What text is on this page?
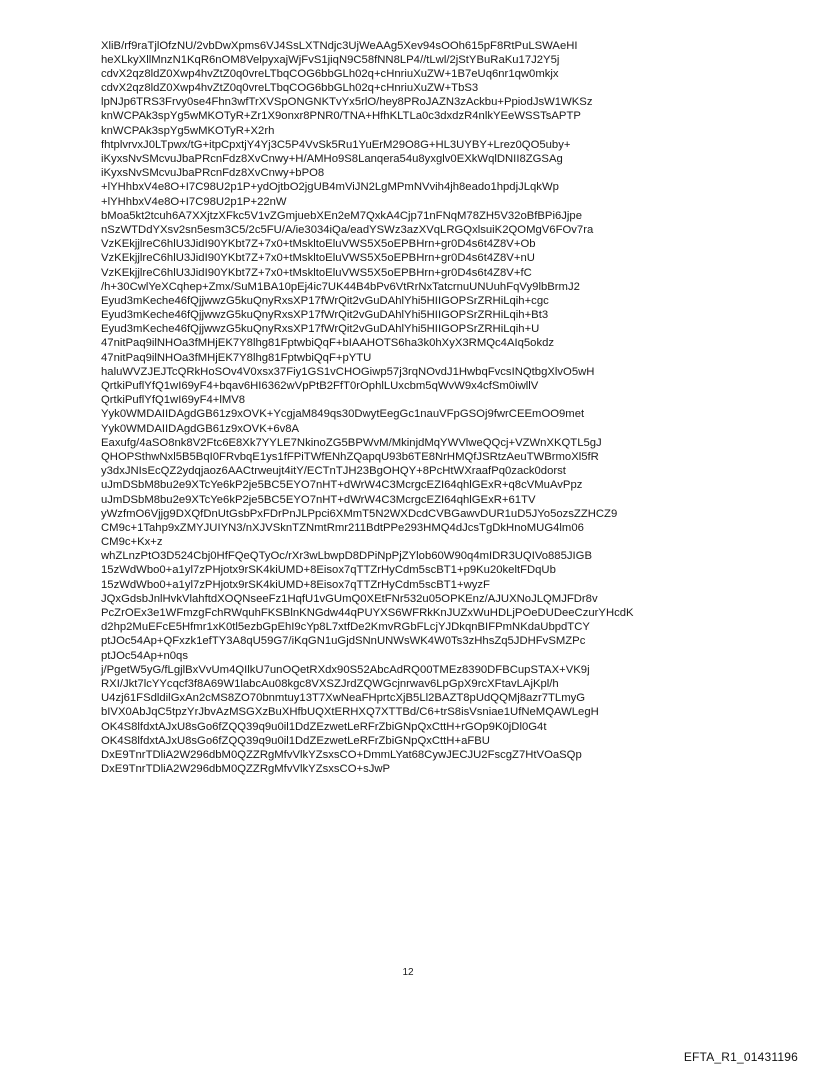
XliB/rf9raTjlOfzNU/2vbDwXpms6VJ4SsLXTNdjc3UjWeAAg5Xev94sOOh615pF8RtPuLSWAeHI
heXLkyXllMnzN1KqR6nOM8VelpyxajWjFvS1jiqN9C58fNN8LP4//tLwl/2jStYBuRaKu17J2Y5j
cdvX2qz8ldZ0Xwp4hvZtZ0q0vreLTbqCOG6bbGLh02q+cHnriuXuZW+1B7eUq6nr1qw0mkjx
cdvX2qz8ldZ0Xwp4hvZtZ0q0vreLTbqCOG6bbGLh02q+cHnriuXuZW+TbS3
lpNJp6TRS3Frvy0se4Fhn3wfTrXVSpONGNKTvYx5rlO/hey8PRoJAZN3zAckbu+PpiodJsW1WKSz
knWCPAk3spYg5wMKOTyR+Zr1X9onxr8PNR0/TNA+HfhKLTLa0c3dxdzR4nlkYEeWSSTsAPTP
knWCPAk3spYg5wMKOTyR+X2rh
fhtplvrvxJ0LTpwx/tG+itpCpxtjY4Yj3C5P4VvSk5Ru1YuErM29O8G+HL3UYBY+Lrez0QO5uby+
iKyxsNvSMcvuJbaPRcnFdz8XvCnwy+H/AMHo9S8Lanqera54u8yxglv0EXkWqlDNII8ZGSAg
iKyxsNvSMcvuJbaPRcnFdz8XvCnwy+bPO8
+lYHhbxV4e8O+I7C98U2p1P+ydOjtbO2jgUB4mViJN2LgMPmNVvih4jh8eado1hpdjJLqkWp
+lYHhbxV4e8O+I7C98U2p1P+22nW
bMoa5kt2tcuh6A7XXjtzXFkc5V1vZGmjuebXEn2eM7QxkA4Cjp71nFNqM78ZH5V32oBfBPi6Jjpe
nSzWTDdYXsv2sn5esm3C5/2c5FU/A/ie3034iQa/eadYSWz3azXVqLRGQxlsuiK2QOMgV6FOv7ra
VzKEkjjlreC6hlU3JidI90YKbt7Z+7x0+tMskltoEluVWS5X5oEPBHrn+gr0D4s6t4Z8V+Ob
VzKEkjjlreC6hlU3JidI90YKbt7Z+7x0+tMskltoEluVWS5X5oEPBHrn+gr0D4s6t4Z8V+nU
VzKEkjjlreC6hlU3JidI90YKbt7Z+7x0+tMskltoEluVWS5X5oEPBHrn+gr0D4s6t4Z8V+fC
/h+30CwlYeXCqhep+Zmx/SuM1BA10pEj4ic7UK44B4bPv6VtRrNxTatcrnuUNUuhFqVy9lbBrmJ2
Eyud3mKeche46fQjjwwzG5kuQnyRxsXP17fWrQit2vGuDAhlYhi5HIIGOPSrZRHiLqih+cgc
Eyud3mKeche46fQjjwwzG5kuQnyRxsXP17fWrQit2vGuDAhlYhi5HIIGOPSrZRHiLqih+Bt3
Eyud3mKeche46fQjjwwzG5kuQnyRxsXP17fWrQit2vGuDAhlYhi5HIIGOPSrZRHiLqih+U
47nitPaq9ilNHOa3fMHjEK7Y8lhg81FptwbiQqF+bIAAHOTS6ha3k0hXyX3RMQc4AIq5okdz
47nitPaq9ilNHOa3fMHjEK7Y8lhg81FptwbiQqF+pYTU
haluWVZJEJTcQRkHoSOv4V0xsx37Fiy1GS1vCHOGiwp57j3rqNOvdJ1HwbqFvcsINQtbgXlvO5wH
QrtkiPuflYfQ1wI69yF4+bqav6HI6362wVpPtB2FfT0rOphlLUxcbm5qWvW9x4cfSm0iwllV
QrtkiPuflYfQ1wI69yF4+lMV8
Yyk0WMDAIIDAgdGB61z9xOVK+YcgjaM849qs30DwytEegGc1nauVFpGSOj9fwrCEEmOO9met
Yyk0WMDAIIDAgdGB61z9xOVK+6v8A
Eaxufg/4aSO8nk8V2Ftc6E8Xk7YYLE7NkinoZG5BPWvM/MkinjdMqYWVlweQQcj+VZWnXKQTL5gJ
QHOPSthwNxl5B5BqI0FRvbqE1ys1fFPiTWfENhZQapqU93b6TE8NrHMQfJSRtzAeuTWBrmoXl5fR
y3dxJNIsEcQZ2ydqjaoz6AACtrweujt4itY/ECTnTJH23BgOHQY+8PcHtWXraafPq0zack0dorst
uJmDSbM8bu2e9XTcYe6kP2je5BC5EYO7nHT+dWrW4C3McrgcEZI64qhlGExR+q8cVMuAvPpz
uJmDSbM8bu2e9XTcYe6kP2je5BC5EYO7nHT+dWrW4C3McrgcEZI64qhlGExR+61TV
yWzfmO6Vjjg9DXQfDnUtGsbPxFDrPnJLPpci6XMmT5N2WXDcdCVBGawvDUR1uD5JYo5ozsZZHCZ9
CM9c+1Tahp9xZMYJUIYN3/nXJVSknTZNmtRmr211BdtPPe293HMQ4dJcsTgDkHnoMUG4lm06
CM9c+Kx+z
whZLnzPtO3D524Cbj0HfFQeQTyOc/rXr3wLbwpD8DPiNpPjZYlob60W90q4mIDR3UQIVo885JIGB
15zWdWbo0+a1yl7zPHjotx9rSK4kiUMD+8Eisox7qTTZrHyCdm5scBT1+p9Ku20keltFDqUb
15zWdWbo0+a1yl7zPHjotx9rSK4kiUMD+8Eisox7qTTZrHyCdm5scBT1+wyzF
JQxGdsbJnlHvkVlahftdXOQNseeFz1HqfU1vGUmQ0XEtFNr532u05OPKEnz/AJUXNoJLQMJFDr8v
PcZrOEx3e1WFmzgFchRWquhFKSBlnKNGdw44qPUYXS6WFRkKnJUZxWuHDLjPOeDUDeeCzurYHcdK
d2hp2MuEFcE5Hfmr1xK0tl5ezbGpEhI9cYp8L7xtfDe2KmvRGbFLcjYJDkqnBIFPmNKdaUbpdTCY
ptJOc54Ap+QFxzk1efTY3A8qU59G7/iKqGN1uGjdSNnUNWsWK4W0Ts3zHhsZq5JDHFvSMZPc
ptJOc54Ap+n0qs
j/PgetW5yG/fLgjlBxVvUm4QIlkU7unOQetRXdx90S52AbcAdRQ00TMEz8390DFBCupSTAX+VK9j
RXI/Jkt7lcYYcqcf3f8A69W1labcAu08kgc8VXSZJrdZQWGcjnrwav6LpGpX9rcXFtavLAjKpl/h
U4zj61FSdldilGxAn2cMS8ZO70bnmtuy13T7XwNeaFHprtcXjB5Ll2BAZT8pUdQQMj8azr7TLmyG
bIVX0AbJqC5tpzYrJbvAzMSGXzBuXHfbUQXtERHXQ7XTTBd/C6+trS8isVsniae1UfNeMQAWLegH
OK4S8lfdxtAJxU8sGo6fZQQ39q9u0il1DdZEzwetLeRFrZbiGNpQxCttH+rGOp9K0jDl0G4t
OK4S8lfdxtAJxU8sGo6fZQQ39q9u0il1DdZEzwetLeRFrZbiGNpQxCttH+aFBU
DxE9TnrTDliA2W296dbM0QZZRgMfvVlkYZsxsCO+DmmLYat68CywJECJU2FscgZ7HtVOaSQp
DxE9TnrTDliA2W296dbM0QZZRgMfvVlkYZsxsCO+sJwP
12
EFTA_R1_01431196
